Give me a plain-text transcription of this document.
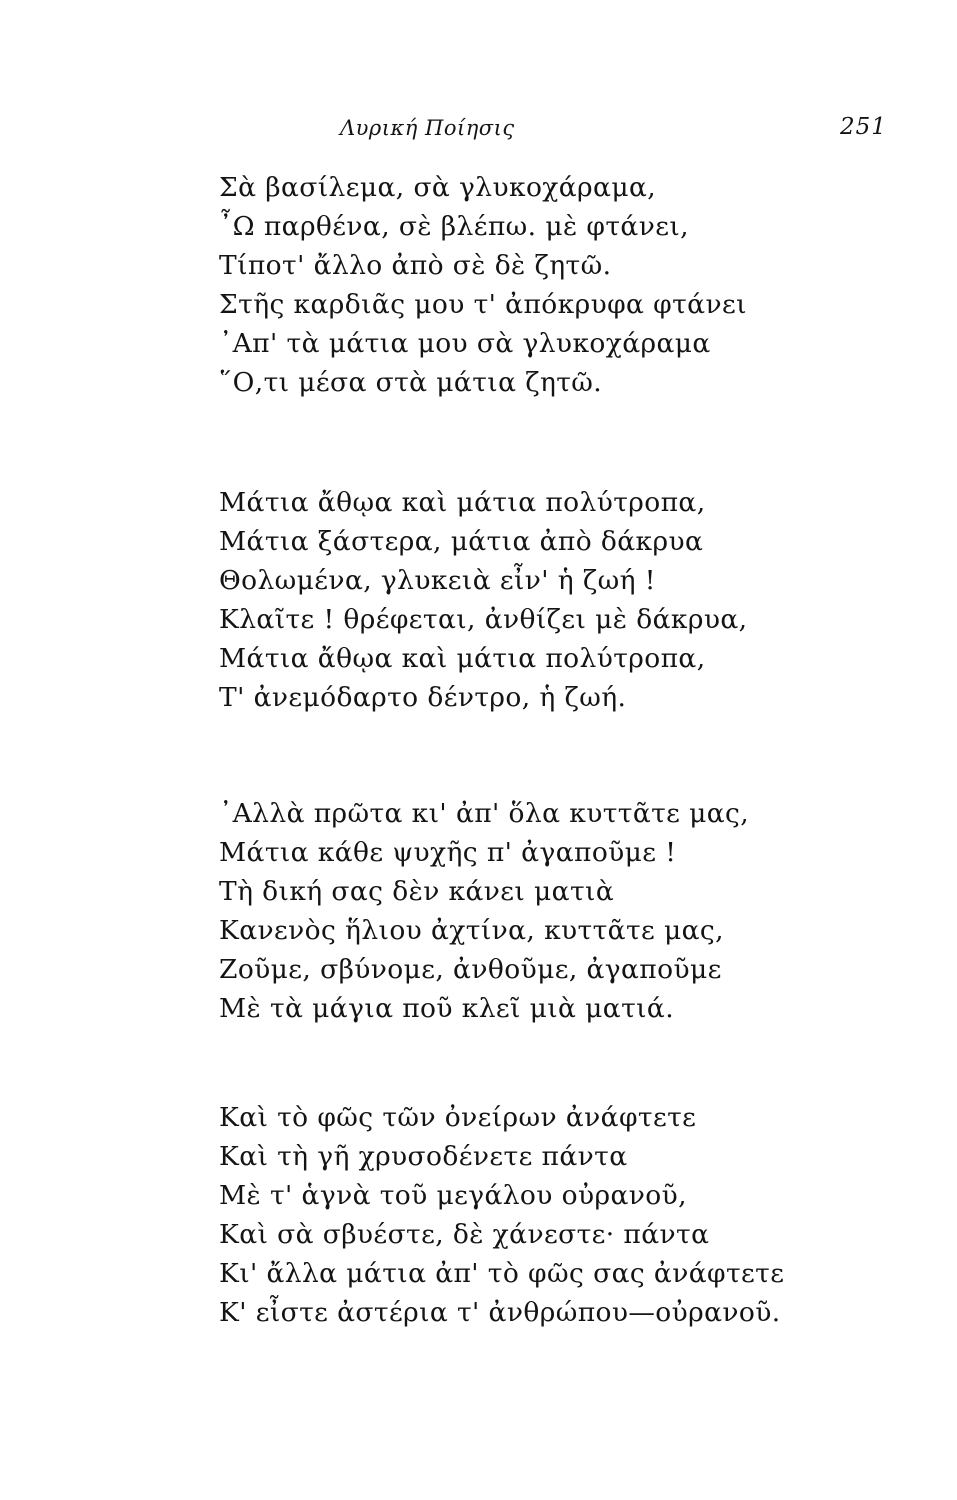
Λυρική Ποίησις	251
Σὰ βασίλεμα, σὰ γλυκοχάραμα,
῏Ω παρθένα, σὲ βλέπω. μὲ φτάνει,
Τίποτ' ἄλλο ἀπὸ σὲ δὲ ζητῶ.
Στῆς καρδιᾶς μου τ' ἀπόκρυφα φτάνει
᾿Απ' τὰ μάτια μου σὰ γλυκοχάραμα
῞Ο,τι μέσα στὰ μάτια ζητῶ.
Μάτια ἄθῳα καὶ μάτια πολύτροπα,
Μάτια ξάστερα, μάτια ἀπὸ δάκρυα
Θολωμένα, γλυκειὰ εἶν' ἡ ζωή !
Κλαῖτε ! θρέφεται, ἀνθίζει μὲ δάκρυα,
Μάτια ἄθῳα καὶ μάτια πολύτροπα,
Τ' ἀνεμόδαρτο δέντρο, ἡ ζωή.
᾿Αλλὰ πρῶτα κι' ἀπ' ὅλα κυττᾶτε μας,
Μάτια κάθε ψυχῆς π' ἀγαποῦμε !
Τὴ δική σας δὲν κάνει ματιὰ
Κανενὸς ἥλιου ἀχτίνα, κυττᾶτε μας,
Ζοῦμε, σβύνομε, ἀνθοῦμε, ἀγαποῦμε
Μὲ τὰ μάγια ποῦ κλεῖ μιὰ ματιά.
Καὶ τὸ φῶς τῶν ὀνείρων ἀνάφτετε
Καὶ τὴ γῆ χρυσοδένετε πάντα
Μὲ τ' ἁγνὰ τοῦ μεγάλου οὐρανοῦ,
Καὶ σὰ σβυέστε, δὲ χάνεστε· πάντα
Κι' ἄλλα μάτια ἀπ' τὸ φῶς σας ἀνάφτετε
Κ' εἶστε ἀστέρια τ' ἀνθρώπου—οὐρανοῦ.
